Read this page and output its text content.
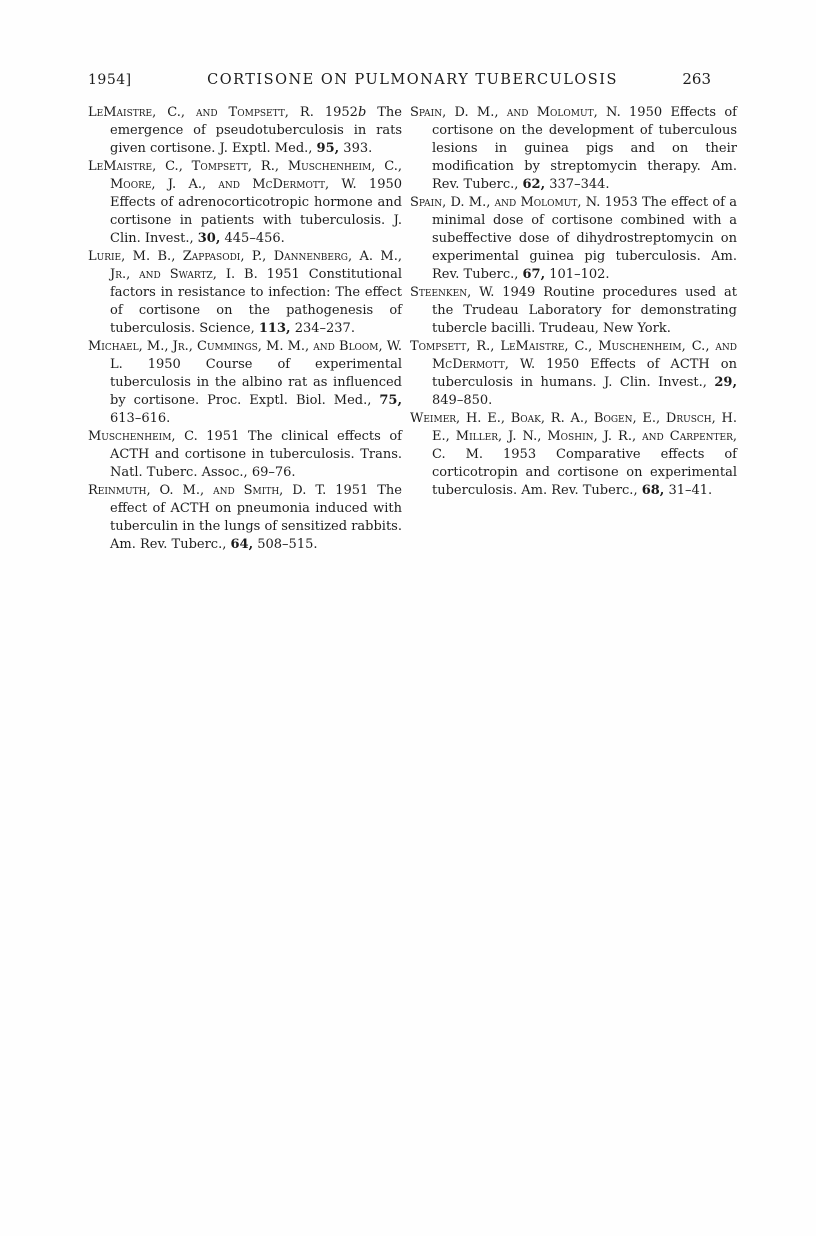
1954]	CORTISONE ON PULMONARY TUBERCULOSIS	263

LeMaistre, C., and Tompsett, R. 1952b The emergence of pseudotuberculosis in rats given cortisone. J. Exptl. Med., 95, 393.

LeMaistre, C., Tompsett, R., Muschenheim, C., Moore, J. A., and McDermott, W. 1950 Effects of adrenocorticotropic hormone and cortisone in patients with tuberculosis. J. Clin. Invest., 30, 445–456.

Lurie, M. B., Zappasodi, P., Dannenberg, A. M., Jr., and Swartz, I. B. 1951 Constitutional factors in resistance to infection: The effect of cortisone on the pathogenesis of tuberculosis. Science, 113, 234–237.

Michael, M., Jr., Cummings, M. M., and Bloom, W. L. 1950 Course of experimental tuberculosis in the albino rat as influenced by cortisone. Proc. Exptl. Biol. Med., 75, 613–616.

Muschenheim, C. 1951 The clinical effects of ACTH and cortisone in tuberculosis. Trans. Natl. Tuberc. Assoc., 69–76.

Reinmuth, O. M., and Smith, D. T. 1951 The effect of ACTH on pneumonia induced with tuberculin in the lungs of sensitized rabbits. Am. Rev. Tuberc., 64, 508–515.

Spain, D. M., and Molomut, N. 1950 Effects of cortisone on the development of tuberculous lesions in guinea pigs and on their modification by streptomycin therapy. Am. Rev. Tuberc., 62, 337–344.

Spain, D. M., and Molomut, N. 1953 The effect of a minimal dose of cortisone combined with a subeffective dose of dihydrostreptomycin on experimental guinea pig tuberculosis. Am. Rev. Tuberc., 67, 101–102.

Steenken, W. 1949 Routine procedures used at the Trudeau Laboratory for demonstrating tubercle bacilli. Trudeau, New York.

Tompsett, R., LeMaistre, C., Muschenheim, C., and McDermott, W. 1950 Effects of ACTH on tuberculosis in humans. J. Clin. Invest., 29, 849–850.

Weimer, H. E., Boak, R. A., Bogen, E., Drusch, H. E., Miller, J. N., Moshin, J. R., and Carpenter, C. M. 1953 Comparative effects of corticotropin and cortisone on experimental tuberculosis. Am. Rev. Tuberc., 68, 31–41.
